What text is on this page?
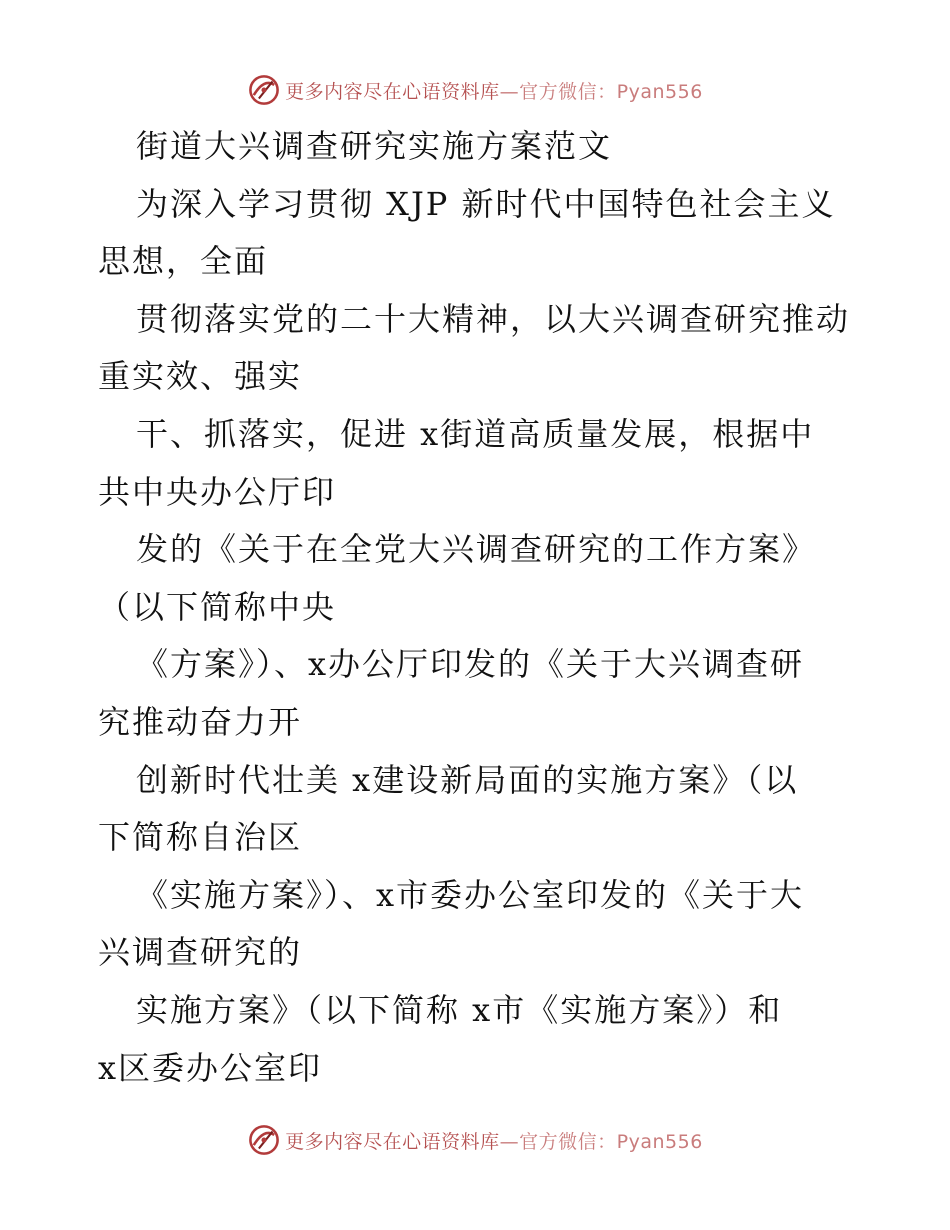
更多内容尽在心语资料库—官方微信：Pyan556
街道大兴调查研究实施方案范文
为深入学习贯彻 XJP 新时代中国特色社会主义
思想，全面
贯彻落实党的二十大精神，以大兴调查研究推动
重实效、强实
干、抓落实，促进 x街道高质量发展，根据中
共中央办公厅印
发的《关于在全党大兴调查研究的工作方案》
（以下简称中央
《方案》）、x办公厅印发的《关于大兴调查研
究推动奋力开
创新时代壮美 x建设新局面的实施方案》（以
下简称自治区
《实施方案》）、x市委办公室印发的《关于大
兴调查研究的
实施方案》（以下简称 x市《实施方案》）和
x区委办公室印
更多内容尽在心语资料库—官方微信：Pyan556
